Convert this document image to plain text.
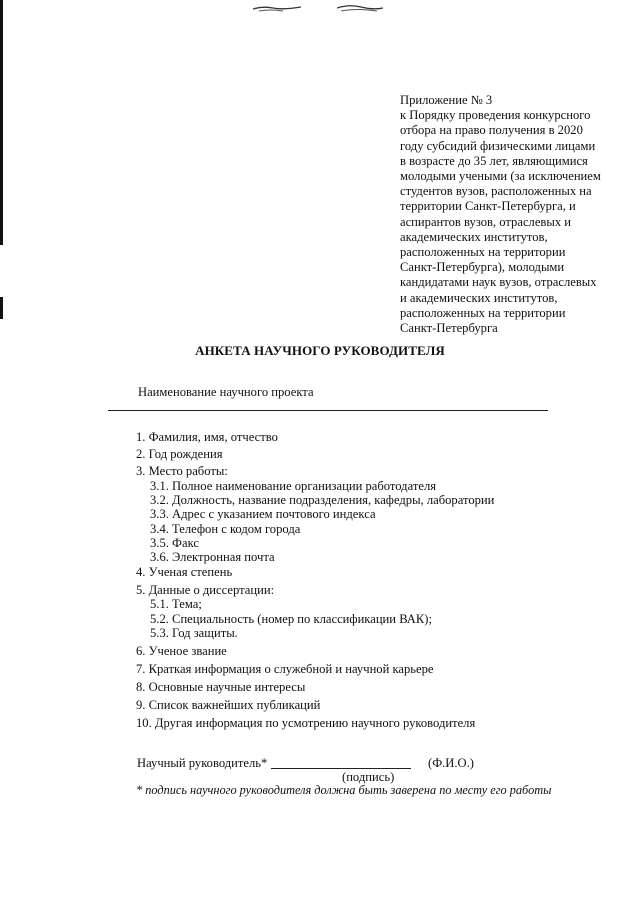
Приложение № 3
к Порядку проведения конкурсного
отбора на право получения в 2020
году субсидий физическими лицами
в возрасте до 35 лет, являющимися
молодыми учеными (за исключением
студентов вузов, расположенных на
территории Санкт-Петербурга, и
аспирантов вузов, отраслевых и
академических институтов,
расположенных на территории
Санкт-Петербурга), молодыми
кандидатами наук вузов, отраслевых
и академических институтов,
расположенных на территории
Санкт-Петербурга
АНКЕТА НАУЧНОГО РУКОВОДИТЕЛЯ
Наименование научного проекта
1. Фамилия, имя, отчество
2. Год рождения
3. Место работы:
3.1. Полное наименование организации работодателя
3.2. Должность, название подразделения, кафедры, лаборатории
3.3. Адрес с указанием почтового индекса
3.4. Телефон с кодом города
3.5. Факс
3.6. Электронная почта
4. Ученая степень
5. Данные о диссертации:
5.1. Тема;
5.2. Специальность (номер по классификации ВАК);
5.3. Год защиты.
6. Ученое звание
7. Краткая информация о служебной и научной карьере
8. Основные научные интересы
9. Список важнейших публикаций
10. Другая информация по усмотрению научного руководителя
Научный руководитель*	(Ф.И.О.)
(подпись)
* подпись научного руководителя должна быть заверена по месту его работы
